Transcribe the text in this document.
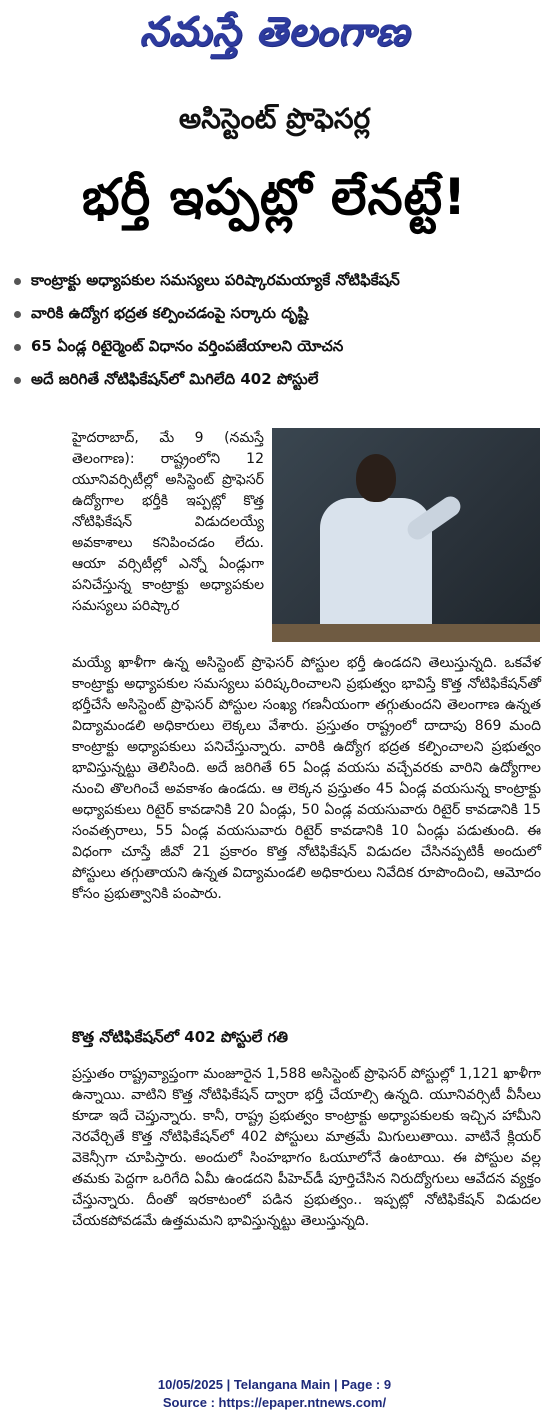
నమస్తే తెలంగాణ
అసిస్టెంట్ ప్రొఫెసర్ల
భర్తీ ఇప్పట్లో లేనట్టే!
కాంట్రాక్టు అధ్యాపకుల సమస్యలు పరిష్కారమయ్యాకే నోటిఫికేషన్
వారికి ఉద్యోగ భద్రత కల్పించడంపై సర్కారు దృష్టి
65 ఏండ్ల రిటైర్మెంట్ విధానం వర్తింపజేయాలని యోచన
అదే జరిగితే నోటిఫికేషన్‌లో మిగిలేది 402 పోస్టులే
హైదరాబాద్, మే 9 (నమస్తే తెలంగాణ): రాష్ట్రంలోని 12 యూనివర్సిటీల్లో అసిస్టెంట్ ప్రొఫెసర్ ఉద్యోగాల భర్తీకి ఇప్పట్లో కొత్త నోటిఫికేషన్ విడుదలయ్యే అవకాశాలు కనిపించడం లేదు. ఆయా వర్సిటీల్లో ఎన్నో ఏండ్లుగా పనిచేస్తున్న కాంట్రాక్టు అధ్యాపకుల సమస్యలు పరిష్కార
మయ్యే ఖాళీగా ఉన్న అసిస్టెంట్ ప్రొఫెసర్ పోస్టుల భర్తీ ఉండదని తెలుస్తున్నది. ఒకవేళ కాంట్రాక్టు అధ్యాపకుల సమస్యలు పరిష్కరించాలని ప్రభుత్వం భావిస్తే కొత్త నోటిఫికేషన్‌తో భర్తీచేసే అసిస్టెంట్ ప్రొఫెసర్ పోస్టుల సంఖ్య గణనీయంగా తగ్గుతుందని తెలంగాణ ఉన్నత విద్యామండలి అధికారులు లెక్కలు వేశారు. ప్రస్తుతం రాష్ట్రంలో దాదాపు 869 మంది కాంట్రాక్టు అధ్యాపకులు పనిచేస్తున్నారు. వారికి ఉద్యోగ భద్రత కల్పించాలని ప్రభుత్వం భావిస్తున్నట్టు తెలిసింది. అదే జరిగితే 65 ఏండ్ల వయసు వచ్చేవరకు వారిని ఉద్యోగాల నుంచి తొలగించే అవకాశం ఉండదు. ఆ లెక్కన ప్రస్తుతం 45 ఏండ్ల వయసున్న కాంట్రాక్టు అధ్యాపకులు రిటైర్ కావడానికి 20 ఏండ్లు, 50 ఏండ్ల వయసువారు రిటైర్ కావడానికి 15 సంవత్సరాలు, 55 ఏండ్ల వయసువారు రిటైర్ కావడానికి 10 ఏండ్లు పడుతుంది. ఈ విధంగా చూస్తే జీవో 21 ప్రకారం కొత్త నోటిఫికేషన్ విడుదల చేసినప్పటికీ అందులో పోస్టులు తగ్గుతాయని ఉన్నత విద్యామండలి అధికారులు నివేదిక రూపొందించి, ఆమోదం కోసం ప్రభుత్వానికి పంపారు.
కొత్త నోటిఫికేషన్‌లో 402 పోస్టులే గతి
ప్రస్తుతం రాష్ట్రవ్యాప్తంగా మంజూరైన 1,588 అసిస్టెంట్ ప్రొఫెసర్ పోస్టుల్లో 1,121 ఖాళీగా ఉన్నాయి. వాటిని కొత్త నోటిఫికేషన్ ద్వారా భర్తీ చేయాల్సి ఉన్నది. యూనివర్సిటీ వీసీలు కూడా ఇదే చెప్తున్నారు. కానీ, రాష్ట్ర ప్రభుత్వం కాంట్రాక్టు అధ్యాపకులకు ఇచ్చిన హామీని నెరవేర్చితే కొత్త నోటిఫికేషన్‌లో 402 పోస్టులు మాత్రమే మిగులుతాయి. వాటినే క్లియర్ వెకెన్సీగా చూపిస్తారు. అందులో సింహభాగం ఓయూలోనే ఉంటాయి. ఈ పోస్టుల వల్ల తమకు పెద్దగా ఒరిగేది ఏమీ ఉండదని పీహెచ్‌డీ పూర్తిచేసిన నిరుద్యోగులు ఆవేదన వ్యక్తం చేస్తున్నారు. దీంతో ఇరకాటంలో పడిన ప్రభుత్వం.. ఇప్పట్లో నోటిఫికేషన్ విడుదల చేయకపోవడమే ఉత్తమమని భావిస్తున్నట్టు తెలుస్తున్నది.
10/05/2025 | Telangana Main | Page : 9
Source : https://epaper.ntnews.com/
